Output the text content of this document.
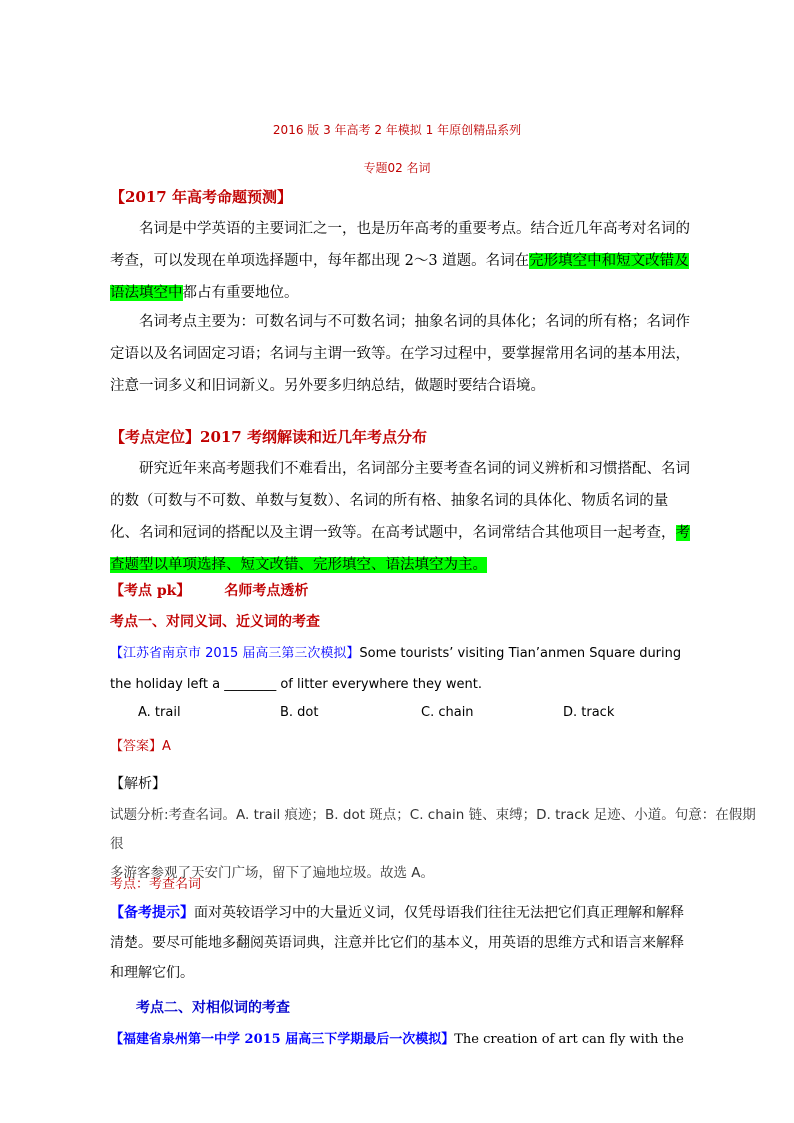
2016 版 3 年高考 2 年模拟 1 年原创精品系列
专题02 名词
【2017 年高考命题预测】
名词是中学英语的主要词汇之一，也是历年高考的重要考点。结合近几年高考对名词的考查，可以发现在单项选择题中，每年都出现 2～3 道题。名词在完形填空中和短文改错及语法填空中都占有重要地位。
名词考点主要为：可数名词与不可数名词；抽象名词的具体化；名词的所有格；名词作定语以及名词固定习语；名词与主谓一致等。在学习过程中，要掌握常用名词的基本用法，注意一词多义和旧词新义。另外要多归纳总结，做题时要结合语境。
【考点定位】2017 考纲解读和近几年考点分布
研究近年来高考题我们不难看出，名词部分主要考查名词的词义辨析和习惯搭配、名词的数（可数与不可数、单数与复数）、名词的所有格、抽象名词的具体化、物质名词的量化、名词和冠词的搭配以及主谓一致等。在高考试题中，名词常结合其他项目一起考查，考查题型以单项选择、短文改错、完形填空、语法填空为主。
【考点 pk】 名师考点透析
考点一、对同义词、近义词的考查
【江苏省南京市 2015 届高三第三次模拟】Some tourists’ visiting Tian’anmen Square during
the holiday left a ________ of litter everywhere they went.
A. trail	B. dot	C. chain	D. track
【答案】A
【解析】
试题分析:考查名词。A. trail 痕迹；B. dot 斑点；C. chain 链、束缚；D. track 足迹、小道。句意：在假期很
多游客参观了天安门广场，留下了遍地垃圾。故选 A。
考点：考查名词
【备考提示】面对英较语学习中的大量近义词，仅凭母语我们往往无法把它们真正理解和解释清楚。要尽可能地多翻阅英语词典，注意并比它们的基本义，用英语的思维方式和语言来解释和理解它们。
考点二、对相似词的考查
【福建省泉州第一中学 2015 届高三下学期最后一次模拟】The creation of art can fly with the
